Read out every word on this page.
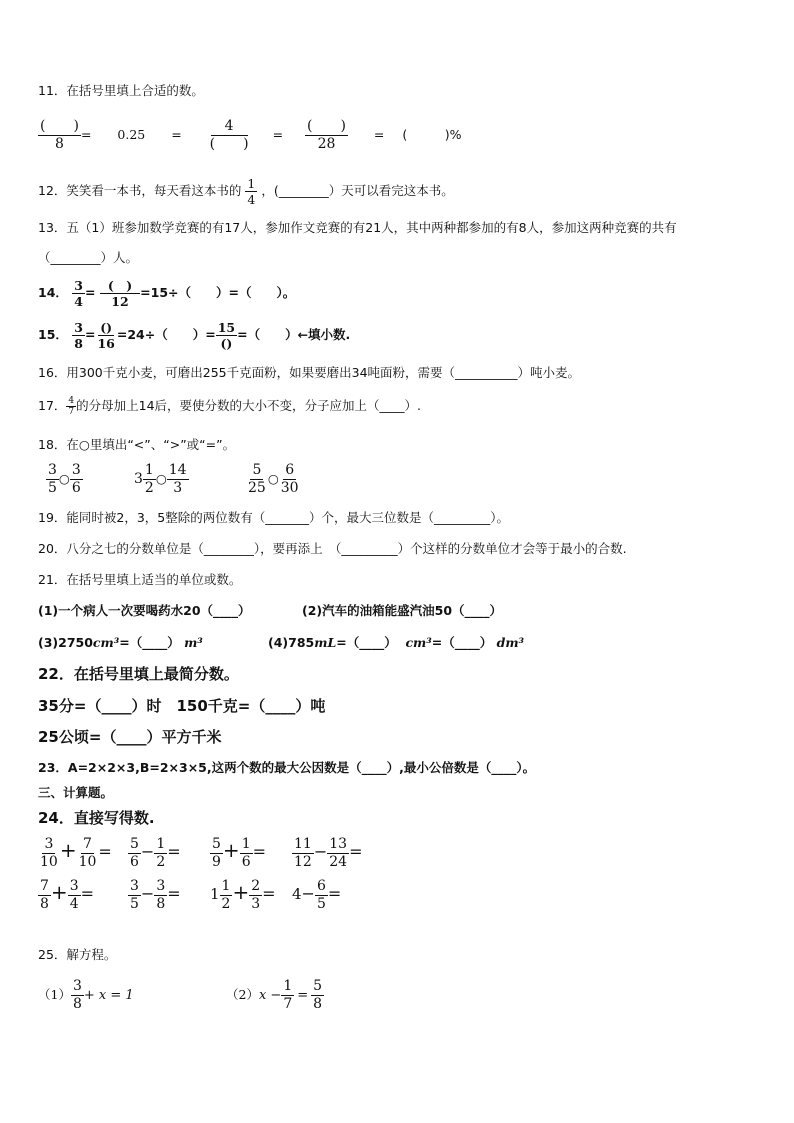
11．在括号里填上合适的数。
$\frac{( )}{8} = 0.25 = \frac{4}{( )} = \frac{( )}{28}$ = (　　　)%
12．笑笑看一本书，每天看这本书的 $\frac{1}{4}$ ，(________）天可以看完这本书。
13．五（1）班参加数学竞赛的有17人，参加作文竞赛的有21人，其中两种都参加的有8人，参加这两种竞赛的共有
（________）人。
14． $\frac{3}{4} = \frac{( )}{12} =15\div$（　　）=（　　）。
15． $\frac{3}{8} = \frac{()}{16} =24\div$（　　）= $\frac{15}{()}$ =（　　）←填小数.
16．用300千克小麦，可磨出255千克面粉，如果要磨出34吨面粉，需要（__________）吨小麦。
17． $\frac{4}{7}$ 的分母加上14后，要使分数的大小不变，分子应加上（____）.
18．在○里填出“<”、“>”或“=”。
$\frac{3}{5}$ ○ $\frac{3}{6}$	$3 \frac{1}{2}$ ○ $\frac{14}{3}$	$\frac{5}{25}$ ○ $\frac{6}{30}$
19．能同时被2，3，5整除的两位数有（_______）个，最大三位数是（_________）。
20．八分之七的分数单位是（________），要再添上　（_________）个这样的分数单位才会等于最小的合数.
21．在括号里填上适当的单位或数。
(1)一个病人一次要喝药水20（____）	(2)汽车的油箱能盛汽油50（____）
(3)2750cm³=（____） m³	(4)785mL=（____） cm³=（____） dm³
22．在括号里填上最简分数。
35分=（____）时　150千克=（____）吨
25公顷=（____）平方千米
23．A=2×2×3,B=2×3×5,这两个数的最大公因数是（____）,最小公倍数是（____）。
三、计算题。
24．直接写得数.
$\frac{3}{10} + \frac{7}{10} = \frac{5}{6} - \frac{1}{2} = \frac{5}{9} + \frac{1}{6} = \frac{11}{12} - \frac{13}{24}$ =
$\frac{7}{8} + \frac{3}{4} = \frac{3}{5} - \frac{3}{8} = 1 \frac{1}{2} + \frac{2}{3} = 4- \frac{6}{5}$ =
25．解方程。
$(1) \frac{3}{8} + x = 1$	$(2)x - \frac{1}{7} = \frac{5}{8}$
